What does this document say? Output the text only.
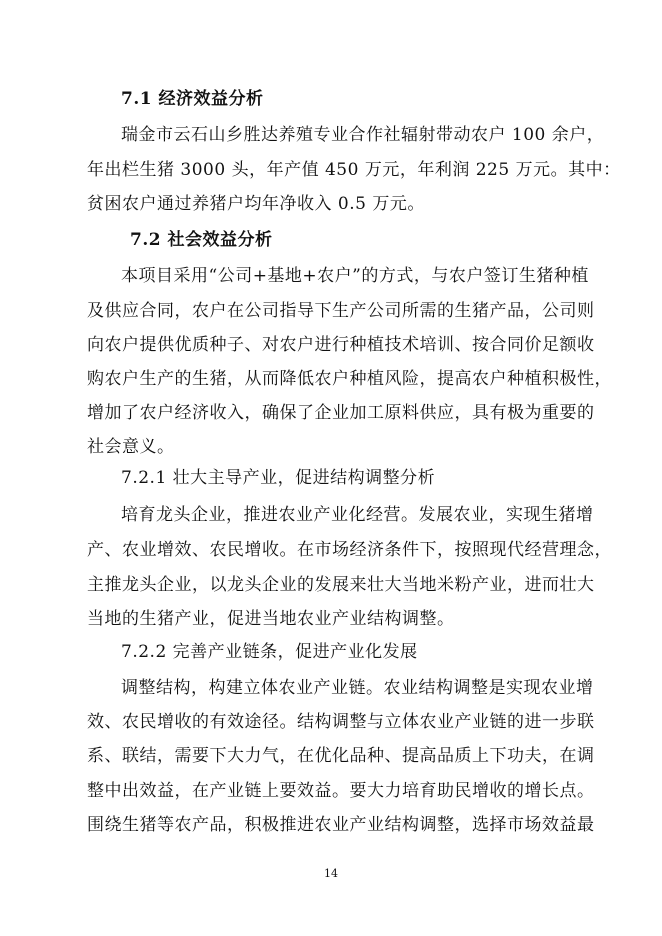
7.1 经济效益分析
瑞金市云石山乡胜达养殖专业合作社辐射带动农户 100 余户，
年出栏生猪 3000 头，年产值 450 万元，年利润 225 万元。其中：
贫困农户通过养猪户均年净收入 0.5 万元。
7.2 社会效益分析
本项目采用“公司+基地+农户”的方式，与农户签订生猪种植
及供应合同，农户在公司指导下生产公司所需的生猪产品，公司则
向农户提供优质种子、对农户进行种植技术培训、按合同价足额收
购农户生产的生猪，从而降低农户种植风险，提高农户种植积极性，
增加了农户经济收入，确保了企业加工原料供应，具有极为重要的
社会意义。
7.2.1 壮大主导产业，促进结构调整分析
培育龙头企业，推进农业产业化经营。发展农业，实现生猪增
产、农业增效、农民增收。在市场经济条件下，按照现代经营理念，
主推龙头企业，以龙头企业的发展来壮大当地米粉产业，进而壮大
当地的生猪产业，促进当地农业产业结构调整。
7.2.2 完善产业链条，促进产业化发展
调整结构，构建立体农业产业链。农业结构调整是实现农业增
效、农民增收的有效途径。结构调整与立体农业产业链的进一步联
系、联结，需要下大力气，在优化品种、提高品质上下功夫，在调
整中出效益，在产业链上要效益。要大力培育助民增收的增长点。
围绕生猪等农产品，积极推进农业产业结构调整，选择市场效益最
14
